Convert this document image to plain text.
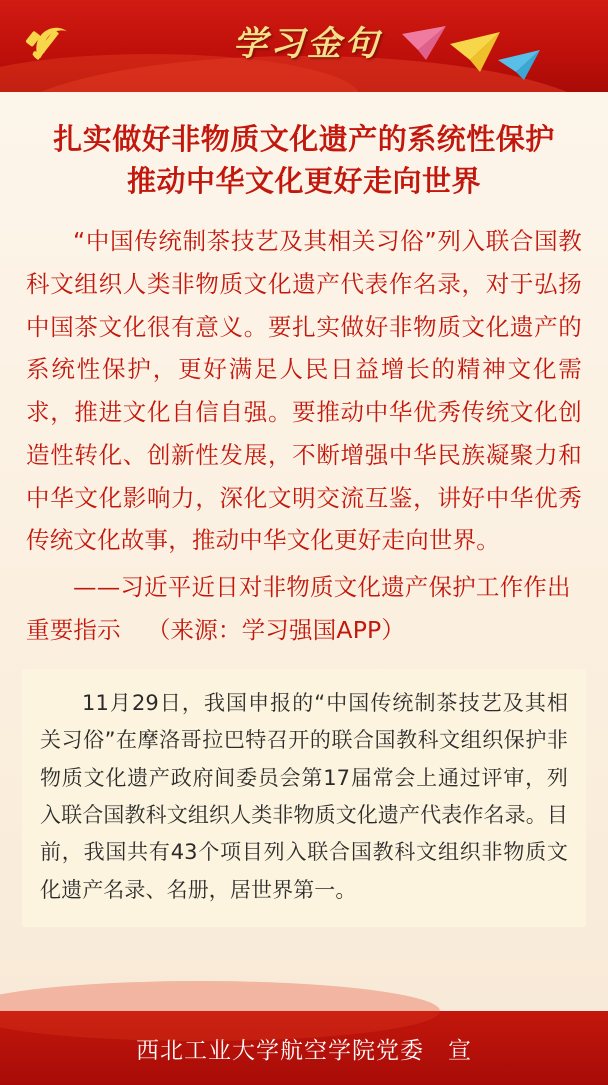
学习金句
扎实做好非物质文化遗产的系统性保护
推动中华文化更好走向世界
“中国传统制茶技艺及其相关习俗”列入联合国教科文组织人类非物质文化遗产代表作名录，对于弘扬中国茶文化很有意义。要扎实做好非物质文化遗产的系统性保护，更好满足人民日益增长的精神文化需求，推进文化自信自强。要推动中华优秀传统文化创造性转化、创新性发展，不断增强中华民族凝聚力和中华文化影响力，深化文明交流互鉴，讲好中华优秀传统文化故事，推动中华文化更好走向世界。
——习近平近日对非物质文化遗产保护工作作出重要指示 （来源：学习强国APP）

11月29日，我国申报的“中国传统制茶技艺及其相关习俗”在摩洛哥拉巴特召开的联合国教科文组织保护非物质文化遗产政府间委员会第17届常会上通过评审，列入联合国教科文组织人类非物质文化遗产代表作名录。目前，我国共有43个项目列入联合国教科文组织非物质文化遗产名录、名册，居世界第一。

西北工业大学航空学院党委　宣
